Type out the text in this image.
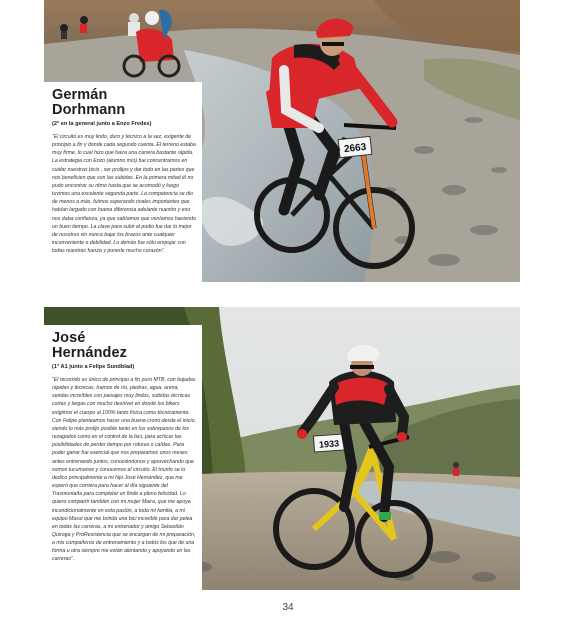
2663
Germán
Dorhmann

(2° en la general junto a Enzo Fredes)

“El circuito es muy lindo, duro y técnico a la vez, exigente de principio a fin y donde cada segundo cuenta. El terreno estaba muy firme, lo cual hizo que fuera una carrera bastante rápida. La estrategia con Enzo (alumno mío) fue concentrarnos en cuidar nuestras bicis , ser prolijos y dar todo en las partes que nos beneficien que son las subidas. En la primera mitad él no pudo encontrar su ritmo hasta que se acomodó y luego tuvimos una excelente segunda parte. La competencia se dio de menos a más, fuimos superando rivales importantes que habían largado con buena diferencia adelante nuestro y eso nos daba confianza, ya que sabíamos que veníamos haciendo un buen tiempo. La clave para subir al podio fue dar lo mejor de nosotros sin nunca bajar los brazos ante cualquier inconveniente o debilidad. Lo demás fue sólo empujar con todas nuestras fuerza y ponerle mucho corazón”.

1933
José
Hernández

(1° A1 junto a Felipe Sundblad)

“El recorrido es único de principio a fin puro MTB, con bajadas rápidas y técnicas, tramos de río, piedras, agua, arena, sendas increíbles con paisajes muy lindos, subidas técnicas cortas y largas con mucho desnivel en donde los bikers exigimos el cuerpo al 100% tanto física como técnicamente. Con Felipe planteamos hacer una buena crono desde el inicio, siendo lo más prolijo posible tanto en los sobrepasos de los rezagados como en el control de la bici, para achicar las posibilidades de perder tiempo por roturas o caídas. Para poder ganar fue esencial que nos preparamos unos meses antes entrenando juntos, conociéndonos y aprovechando que somos tucumanos y conocemos el circuito. El triunfo se lo dedico principalmente a mi hijo José Hernández, que me esperó que corriera para hacer al día siguiente del Trasmontaña para completar un finde a pleno felicidad. Lo quiero compartir también con mi mujer Maira, que me apoya incondicionalmente en esta pasión, a toda mi familia, a mi equipo Massi que me brinda una bici increíble para dar pelea en todas las carreras, a mi entrenador y amigo Sebastián Quiroga y ProResistencia que se encargan de mi preparación, a mis compañeros de entrenamiento y a todos los que de una forma u otra siempre me están alentando y apoyando en las carreras”.

34
